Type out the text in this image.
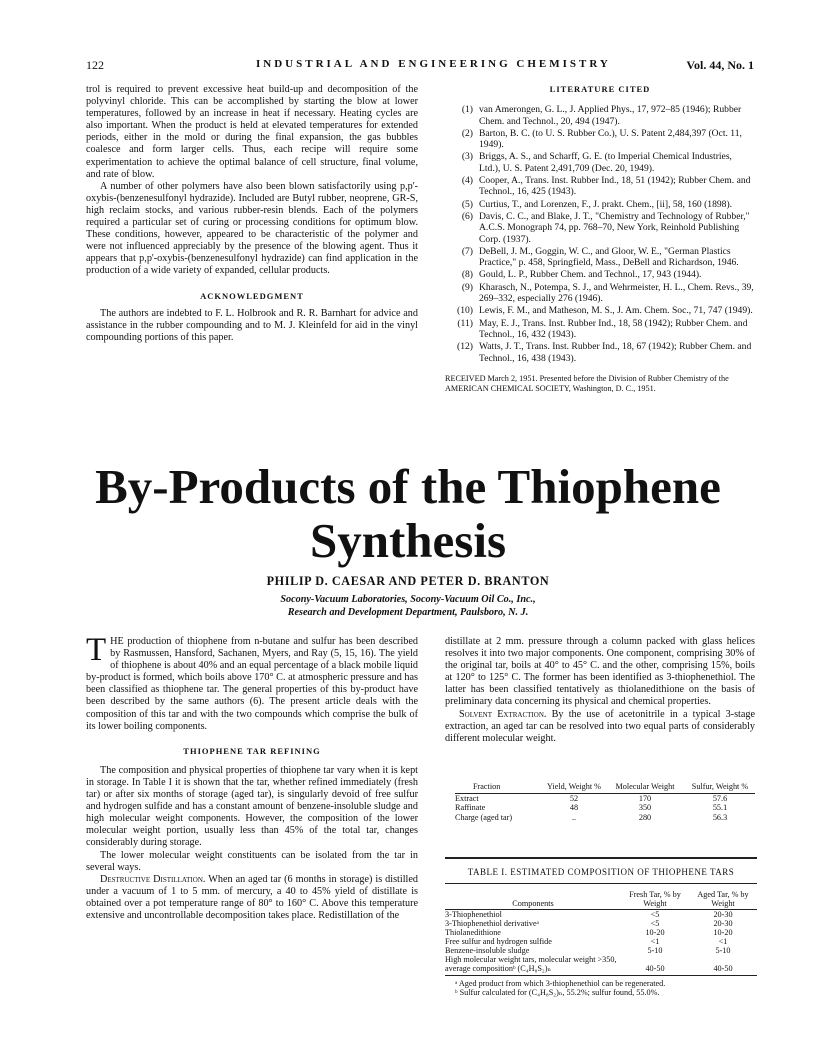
122	INDUSTRIAL AND ENGINEERING CHEMISTRY	Vol. 44, No. 1

trol is required to prevent excessive heat build-up and decomposition of the polyvinyl chloride. This can be accomplished by starting the blow at lower temperatures, followed by an increase in heat if necessary. Heating cycles are also important. When the product is held at elevated temperatures for extended periods, either in the mold or during the final expansion, the gas bubbles coalesce and form larger cells. Thus, each recipe will require some experimentation to achieve the optimal balance of cell structure, final volume, and rate of blow.

A number of other polymers have also been blown satisfactorily using p,p'-oxybis-(benzenesulfonyl hydrazide). Included are Butyl rubber, neoprene, GR-S, high reclaim stocks, and various rubber-resin blends. Each of the polymers required a particular set of curing or processing conditions for optimum blow. These conditions, however, appeared to be characteristic of the polymer and were not influenced appreciably by the presence of the blowing agent. Thus it appears that p,p'-oxybis-(benzenesulfonyl hydrazide) can find application in the production of a wide variety of expanded, cellular products.

ACKNOWLEDGMENT

The authors are indebted to F. L. Holbrook and R. R. Barnhart for advice and assistance in the rubber compounding and to M. J. Kleinfeld for aid in the vinyl compounding portions of this paper.

LITERATURE CITED
(1) van Amerongen, G. L., J. Applied Phys., 17, 972–85 (1946); Rubber Chem. and Technol., 20, 494 (1947).
(2) Barton, B. C. (to U. S. Rubber Co.), U. S. Patent 2,484,397 (Oct. 11, 1949).
(3) Briggs, A. S., and Scharff, G. E. (to Imperial Chemical Industries, Ltd.), U. S. Patent 2,491,709 (Dec. 20, 1949).
(4) Cooper, A., Trans. Inst. Rubber Ind., 18, 51 (1942); Rubber Chem. and Technol., 16, 425 (1943).
(5) Curtius, T., and Lorenzen, F., J. prakt. Chem., [ii], 58, 160 (1898).
(6) Davis, C. C., and Blake, J. T., "Chemistry and Technology of Rubber," A.C.S. Monograph 74, pp. 768–70, New York, Reinhold Publishing Corp. (1937).
(7) DeBell, J. M., Goggin, W. C., and Gloor, W. E., "German Plastics Practice," p. 458, Springfield, Mass., DeBell and Richardson, 1946.
(8) Gould, L. P., Rubber Chem. and Technol., 17, 943 (1944).
(9) Kharasch, N., Potempa, S. J., and Wehrmeister, H. L., Chem. Revs., 39, 269–332, especially 276 (1946).
(10) Lewis, F. M., and Matheson, M. S., J. Am. Chem. Soc., 71, 747 (1949).
(11) May, E. J., Trans. Inst. Rubber Ind., 18, 58 (1942); Rubber Chem. and Technol., 16, 432 (1943).
(12) Watts, J. T., Trans. Inst. Rubber Ind., 18, 67 (1942); Rubber Chem. and Technol., 16, 438 (1943).
RECEIVED March 2, 1951. Presented before the Division of Rubber Chemistry of the AMERICAN CHEMICAL SOCIETY, Washington, D. C., 1951.
By-Products of the Thiophene
Synthesis
PHILIP D. CAESAR AND PETER D. BRANTON
Socony-Vacuum Laboratories, Socony-Vacuum Oil Co., Inc.,
Research and Development Department, Paulsboro, N. J.

THE production of thiophene from n-butane and sulfur has been described by Rasmussen, Hansford, Sachanen, Myers, and Ray (5, 15, 16). The yield of thiophene is about 40% and an equal percentage of a black mobile liquid by-product is formed, which boils above 170° C. at atmospheric pressure and has been classified as thiophene tar. The general properties of this by-product have been described by the same authors (6). The present article deals with the composition of this tar and with the two compounds which comprise the bulk of its lower boiling components.

THIOPHENE TAR REFINING

The composition and physical properties of thiophene tar vary when it is kept in storage. In Table I it is shown that the tar, whether refined immediately (fresh tar) or after six months of storage (aged tar), is singularly devoid of free sulfur and hydrogen sulfide and has a constant amount of benzene-insoluble sludge and high molecular weight components. However, the composition of the lower molecular weight portion, usually less than 45% of the total tar, changes considerably during storage.

The lower molecular weight constituents can be isolated from the tar in several ways.

Destructive Distillation. When an aged tar (6 months in storage) is distilled under a vacuum of 1 to 5 mm. of mercury, a 40 to 45% yield of distillate is obtained over a pot temperature range of 80° to 160° C. Above this temperature extensive and uncontrollable decomposition takes place. Redistillation of the

distillate at 2 mm. pressure through a column packed with glass helices resolves it into two major components. One component, comprising 30% of the original tar, boils at 40° to 45° C. and the other, comprising 15%, boils at 120° to 125° C. The former has been identified as 3-thiophenethiol. The latter has been classified tentatively as thiolanedithione on the basis of preliminary data concerning its physical and chemical properties.

Solvent Extraction. By the use of acetonitrile in a typical 3-stage extraction, an aged tar can be resolved into two equal parts of considerably different molecular weight.

Fraction	Yield, Weight %	Molecular Weight	Sulfur, Weight %
Extract	52	170	57.6
Raffinate	48	350	55.1
Charge (aged tar)	..	280	56.3
TABLE I. ESTIMATED COMPOSITION OF THIOPHENE TARS
Components	Fresh Tar, % by Weight	Aged Tar, % by Weight
3-Thiophenethiol	<5	20-30
3-Thiophenethiol derivativeᵃ	<5	20-30
Thiolanedithione	10-20	10-20
Free sulfur and hydrogen sulfide	<1	<1
Benzene-insoluble sludge	5-10	5-10
High molecular weight tars, molecular weight >350, average compositionᵇ (C₄H₈S₂)ₙ	40-50	40-50
ᵃ Aged product from which 3-thiophenethiol can be regenerated.
ᵇ Sulfur calculated for (C₄H₈S₂)ₙ, 55.2%; sulfur found, 55.0%.
